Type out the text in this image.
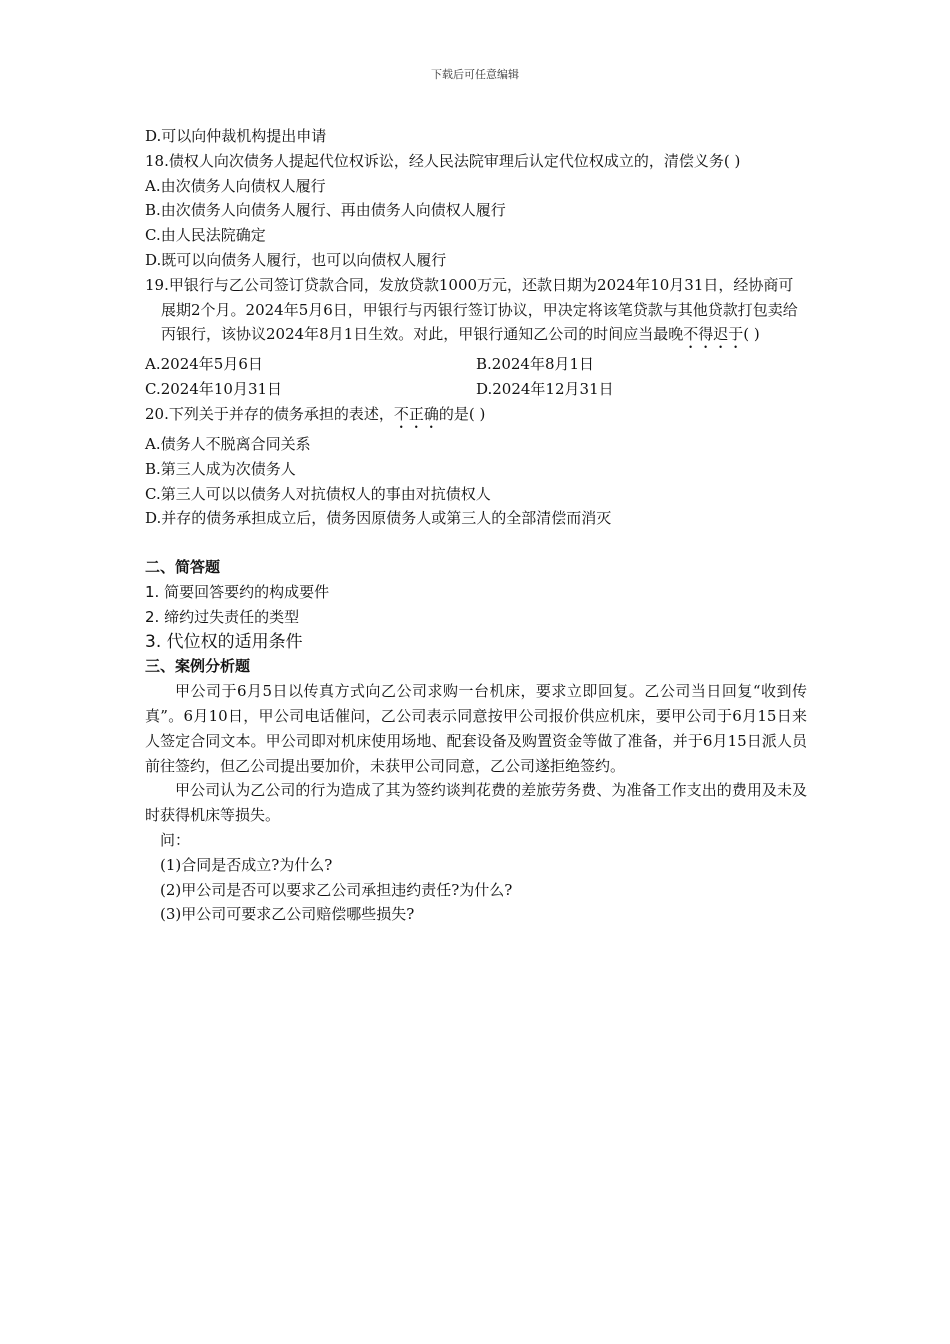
下载后可任意编辑

D.可以向仲裁机构提出申请

18.债权人向次债务人提起代位权诉讼，经人民法院审理后认定代位权成立的，清偿义务( )

A.由次债务人向债权人履行

B.由次债务人向债务人履行、再由债务人向债权人履行

C.由人民法院确定

D.既可以向债务人履行，也可以向债权人履行

19.甲银行与乙公司签订贷款合同，发放贷款1000万元，还款日期为2024年10月31日，经协商可展期2个月。2024年5月6日，甲银行与丙银行签订协议，甲决定将该笔贷款与其他贷款打包卖给丙银行，该协议2024年8月1日生效。对此，甲银行通知乙公司的时间应当最晚不得迟于( )

A.2024年5月6日	B.2024年8月1日
C.2024年10月31日	D.2024年12月31日

20.下列关于并存的债务承担的表述，不正确的是( )

A.债务人不脱离合同关系

B.第三人成为次债务人

C.第三人可以以债务人对抗债权人的事由对抗债权人

D.并存的债务承担成立后，债务因原债务人或第三人的全部清偿而消灭

二、简答题

1. 简要回答要约的构成要件

2. 缔约过失责任的类型

3. 代位权的适用条件

三、案例分析题

甲公司于6月5日以传真方式向乙公司求购一台机床，要求立即回复。乙公司当日回复“收到传真”。6月10日，甲公司电话催问，乙公司表示同意按甲公司报价供应机床，要甲公司于6月15日来人签定合同文本。甲公司即对机床使用场地、配套设备及购置资金等做了准备，并于6月15日派人员前往签约，但乙公司提出要加价，未获甲公司同意，乙公司遂拒绝签约。

甲公司认为乙公司的行为造成了其为签约谈判花费的差旅劳务费、为准备工作支出的费用及未及时获得机床等损失。

问：

(1)合同是否成立?为什么?

(2)甲公司是否可以要求乙公司承担违约责任?为什么?

(3)甲公司可要求乙公司赔偿哪些损失?
